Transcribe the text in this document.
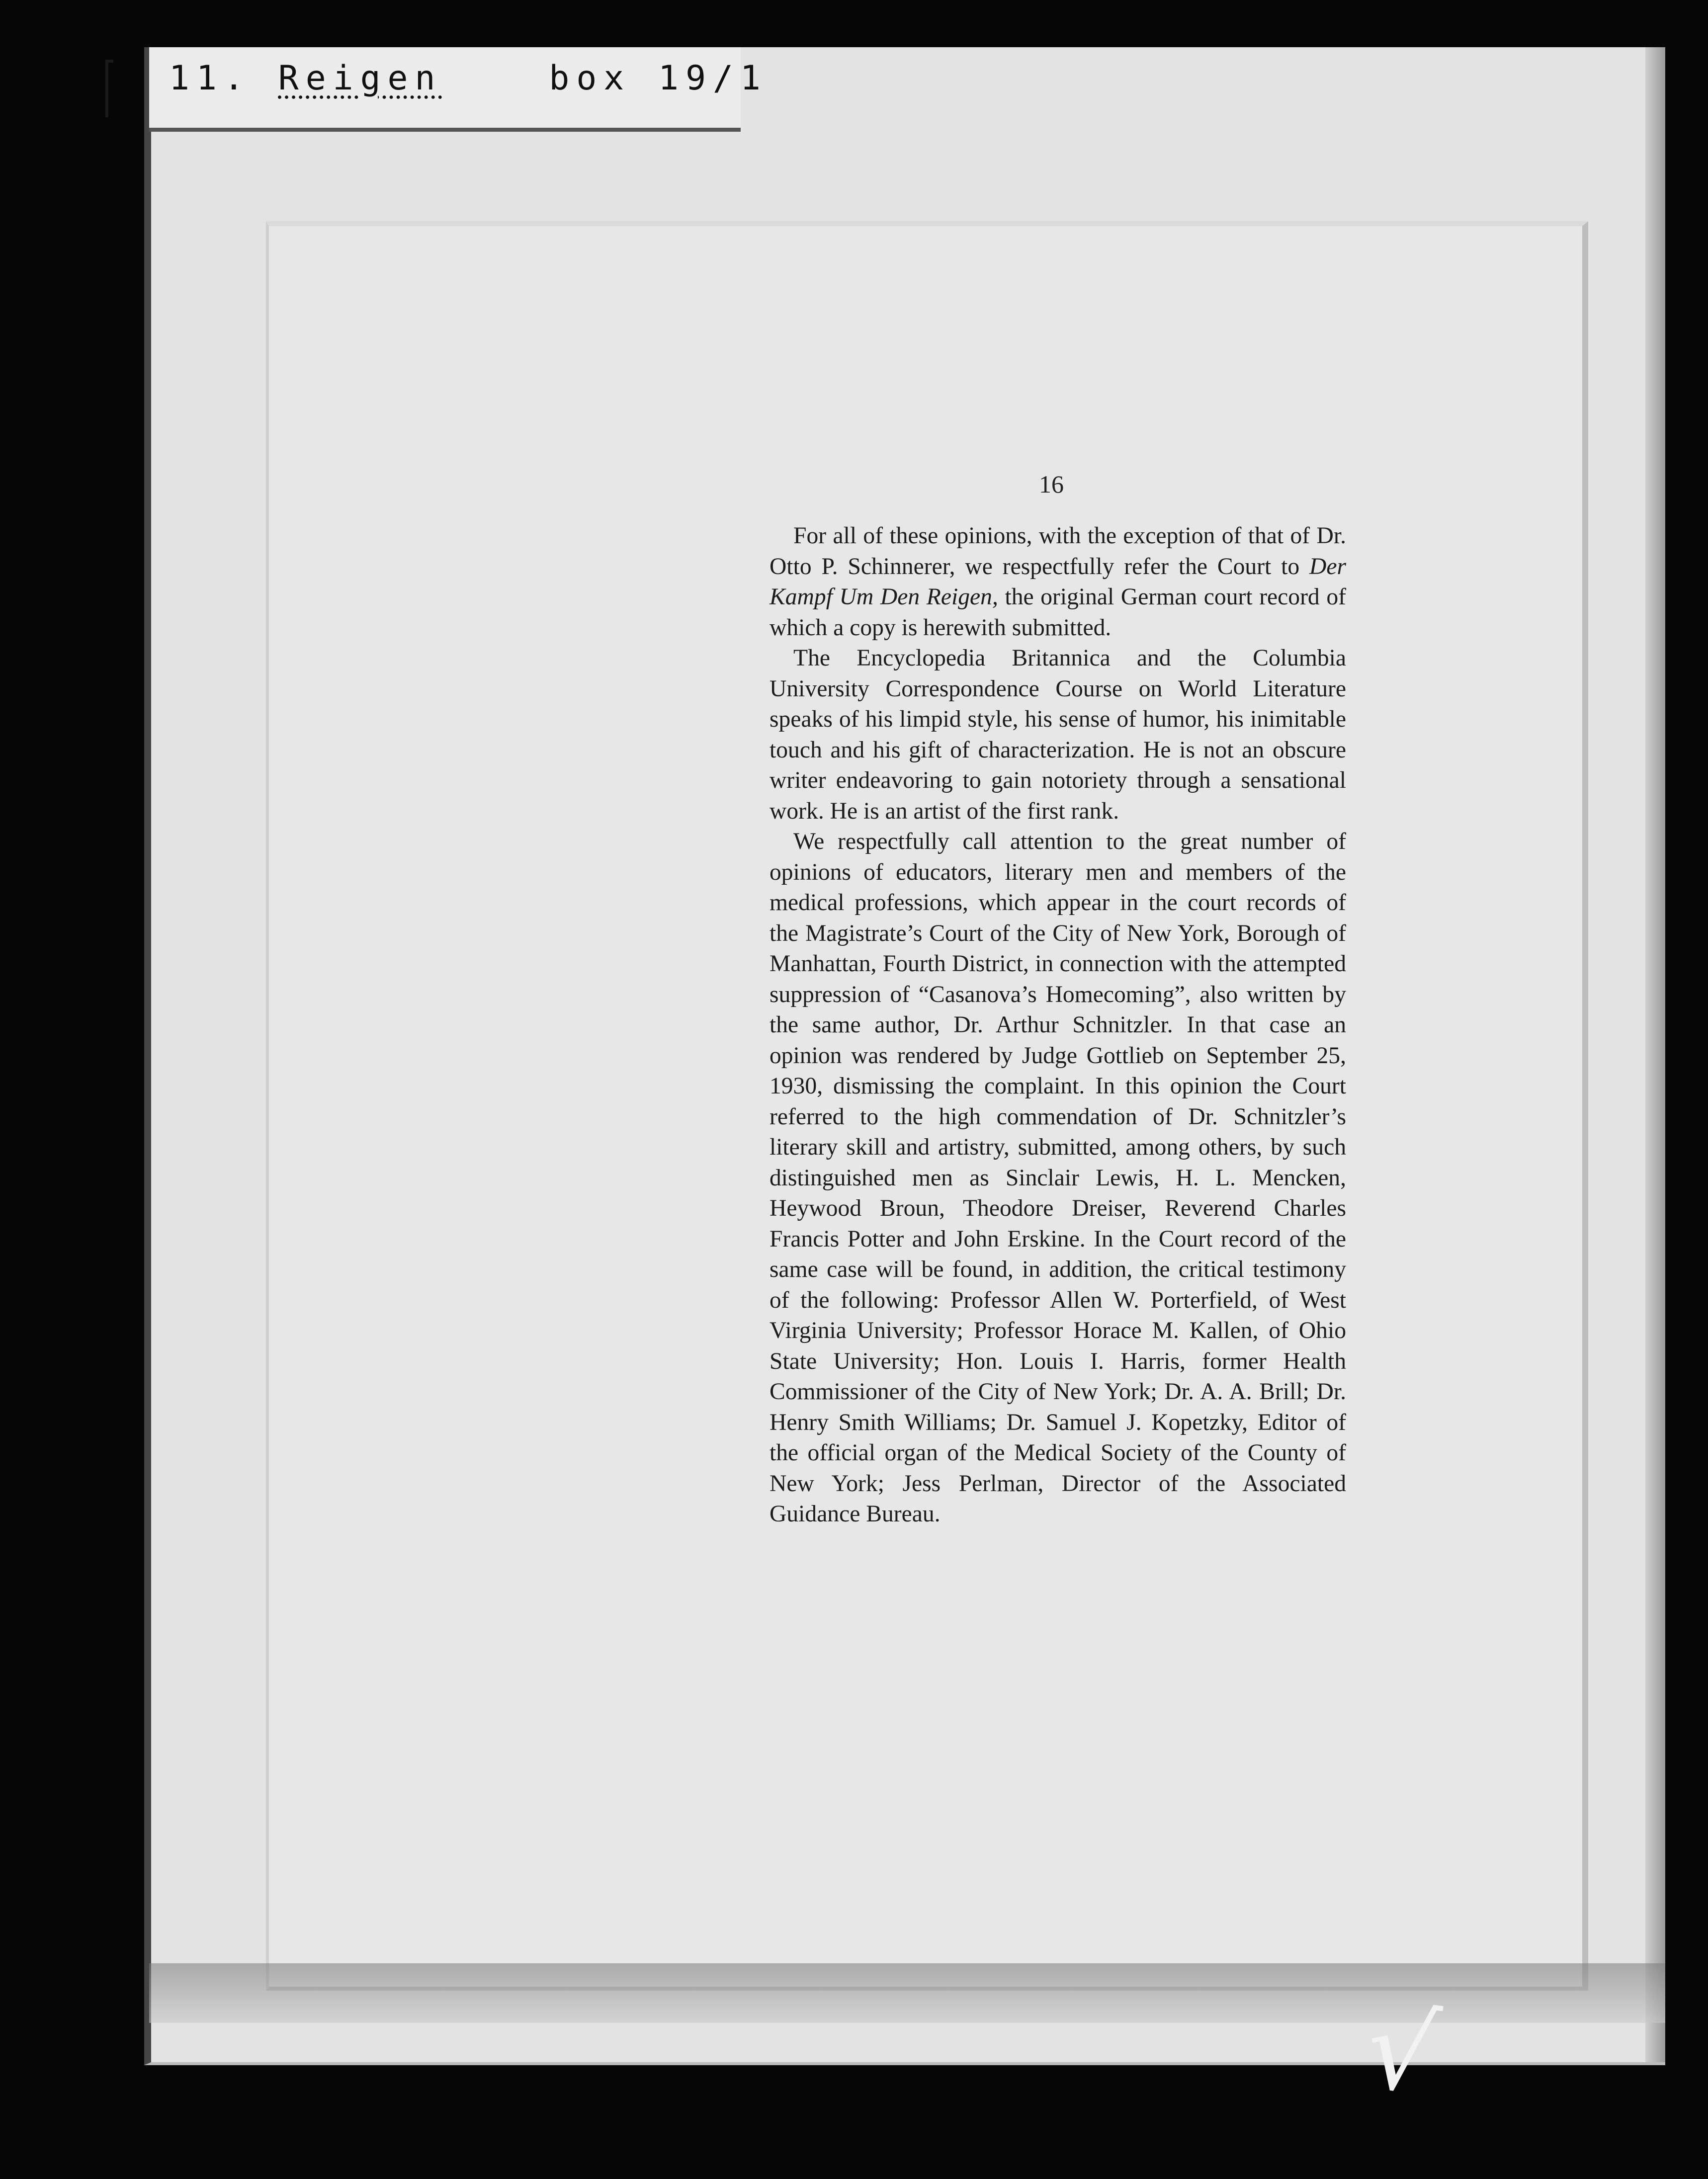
11. Reigen	box 19/1
16

For all of these opinions, with the exception of that of Dr. Otto P. Schinnerer, we respectfully refer the Court to Der Kampf Um Den Reigen, the original German court record of which a copy is herewith submitted.

The Encyclopedia Britannica and the Columbia University Correspondence Course on World Literature speaks of his limpid style, his sense of humor, his inimitable touch and his gift of characterization. He is not an obscure writer endeavoring to gain notoriety through a sensational work. He is an artist of the first rank.

We respectfully call attention to the great number of opinions of educators, literary men and members of the medical professions, which appear in the court records of the Magistrate’s Court of the City of New York, Borough of Manhattan, Fourth District, in connection with the attempted suppression of “Casanova’s Homecoming”, also written by the same author, Dr. Arthur Schnitzler. In that case an opinion was rendered by Judge Gottlieb on September 25, 1930, dismissing the complaint. In this opinion the Court referred to the high commendation of Dr. Schnitzler’s literary skill and artistry, submitted, among others, by such distinguished men as Sinclair Lewis, H. L. Mencken, Heywood Broun, Theodore Dreiser, Reverend Charles Francis Potter and John Erskine. In the Court record of the same case will be found, in addition, the critical testimony of the following: Professor Allen W. Porterfield, of West Virginia University; Professor Horace M. Kallen, of Ohio State University; Hon. Louis I. Harris, former Health Commissioner of the City of New York; Dr. A. A. Brill; Dr. Henry Smith Williams; Dr. Samuel J. Kopetzky, Editor of the official organ of the Medical Society of the County of New York; Jess Perlman, Director of the Associated Guidance Bureau.

√
